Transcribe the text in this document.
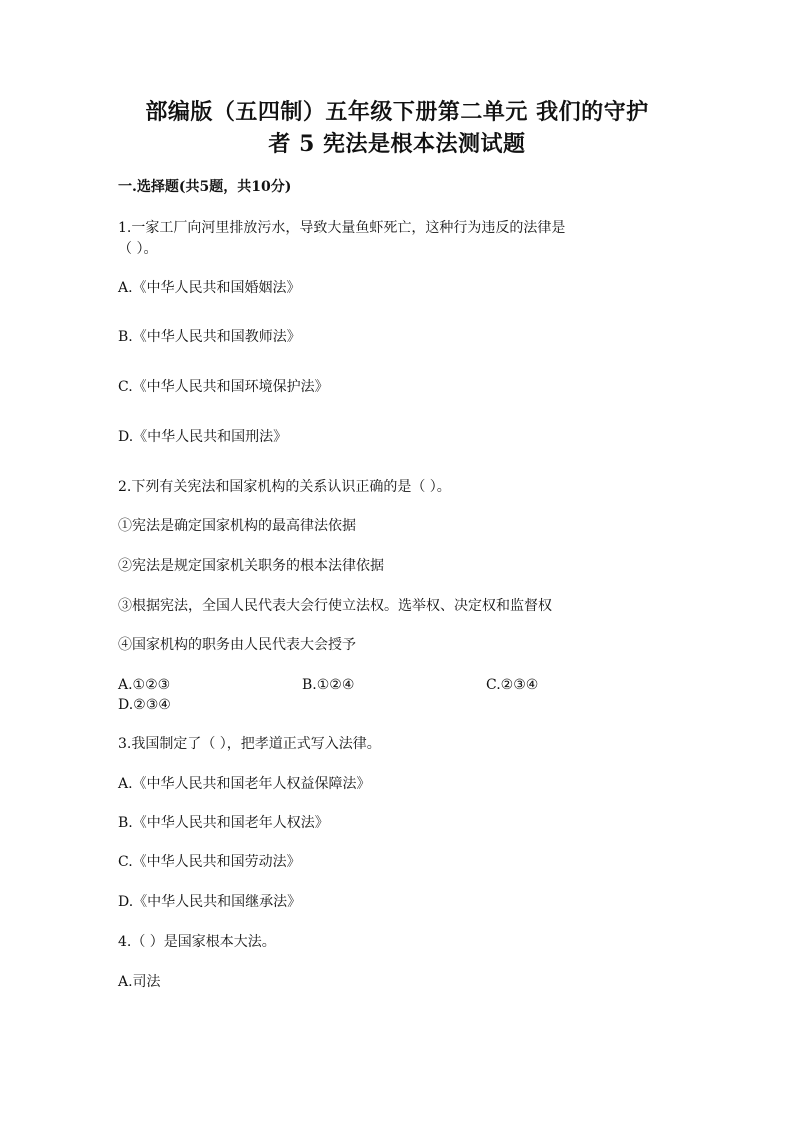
部编版（五四制）五年级下册第二单元 我们的守护
者 5 宪法是根本法测试题
一.选择题(共5题，共10分)
1.一家工厂向河里排放污水，导致大量鱼虾死亡，这种行为违反的法律是
（ ）。
A.《中华人民共和国婚姻法》
B.《中华人民共和国教师法》
C.《中华人民共和国环境保护法》
D.《中华人民共和国刑法》
2.下列有关宪法和国家机构的关系认识正确的是（ ）。
①宪法是确定国家机构的最高律法依据
②宪法是规定国家机关职务的根本法律依据
③根据宪法，全国人民代表大会行使立法权。选举权、决定权和监督权
④国家机构的职务由人民代表大会授予
A.①②③	B.①②④	C.②③④
D.②③④
3.我国制定了（ ），把孝道正式写入法律。
A.《中华人民共和国老年人权益保障法》
B.《中华人民共和国老年人权法》
C.《中华人民共和国劳动法》
D.《中华人民共和国继承法》
4.（ ）是国家根本大法。
A.司法
